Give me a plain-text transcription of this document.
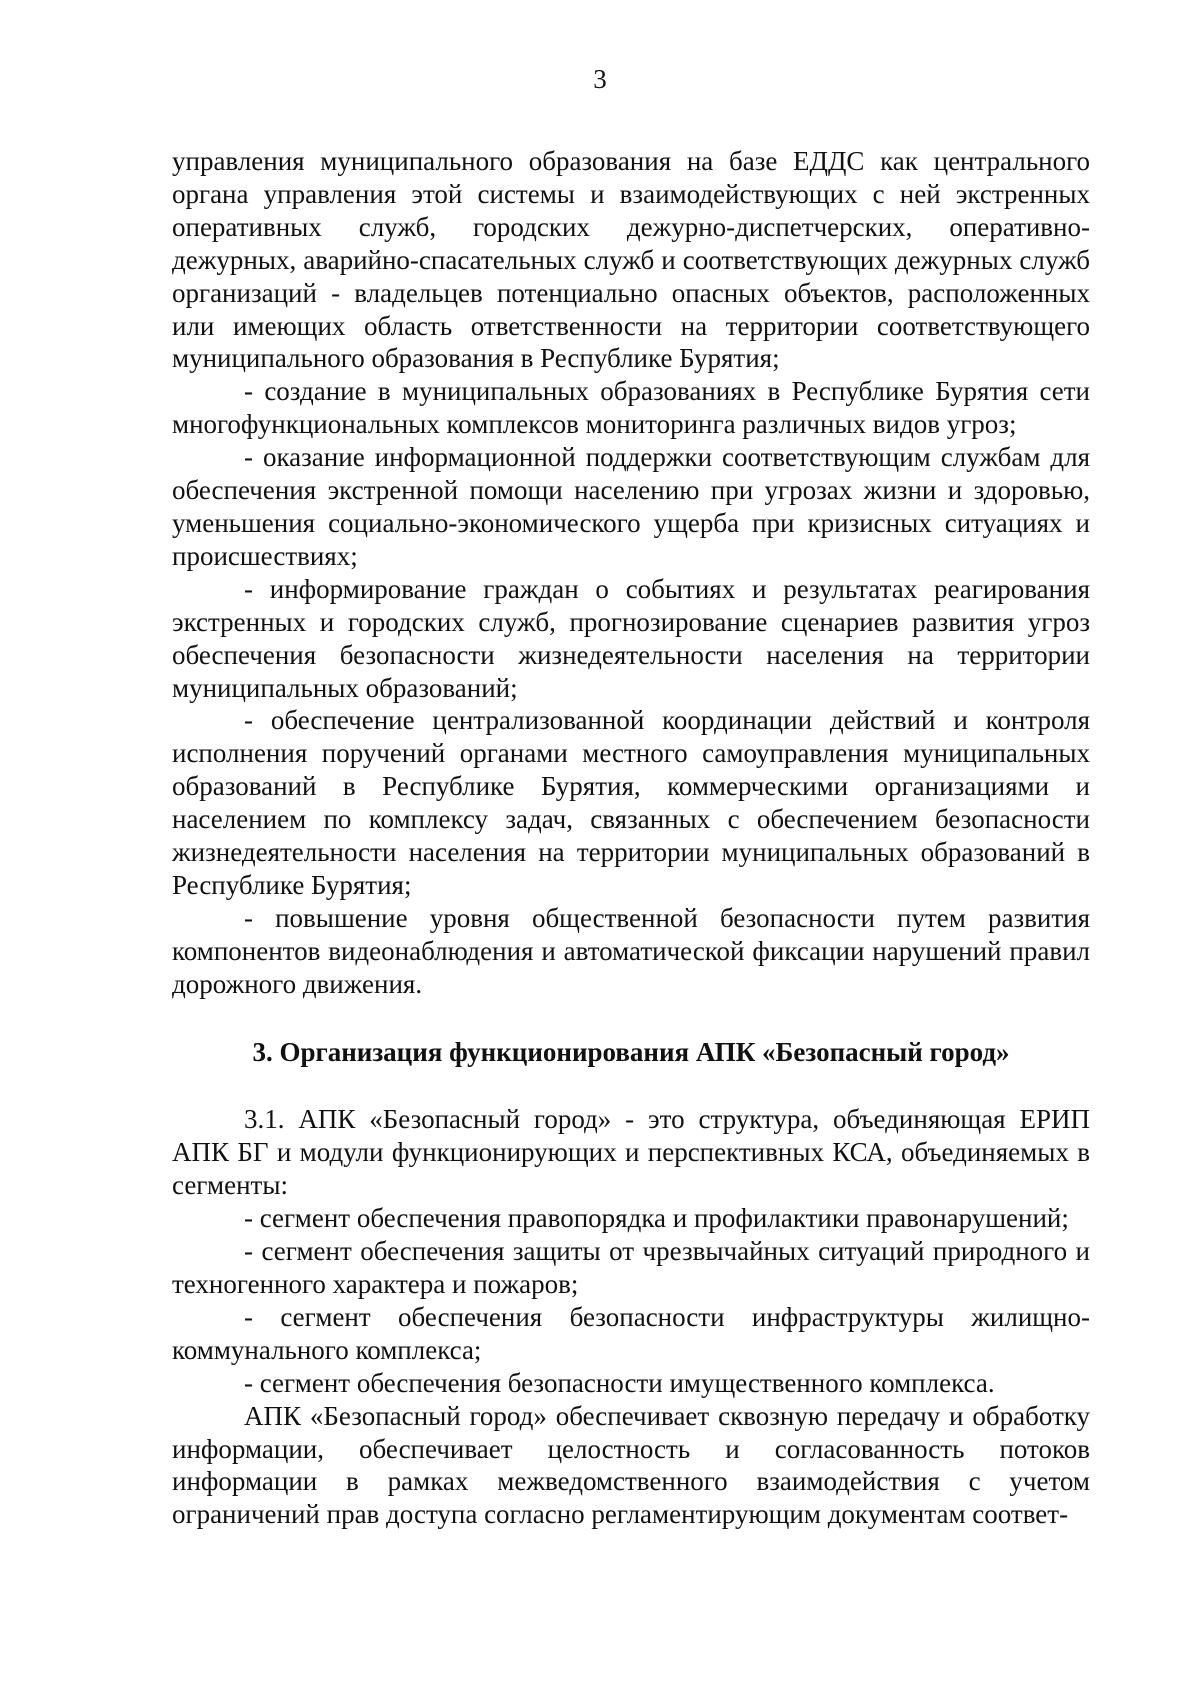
3

управления муниципального образования на базе ЕДДС как центрального органа управления этой системы и взаимодействующих с ней экстренных оперативных служб, городских дежурно-диспетчерских, оперативно-дежурных, аварийно-спасательных служб и соответствующих дежурных служб организаций - владельцев потенциально опасных объектов, расположенных или имеющих область ответственности на территории соответствующего муниципального образования в Республике Бурятия;

- создание в муниципальных образованиях в Республике Бурятия сети многофункциональных комплексов мониторинга различных видов угроз;

- оказание информационной поддержки соответствующим службам для обеспечения экстренной помощи населению при угрозах жизни и здоровью, уменьшения социально-экономического ущерба при кризисных ситуациях и происшествиях;

- информирование граждан о событиях и результатах реагирования экстренных и городских служб, прогнозирование сценариев развития угроз обеспечения безопасности жизнедеятельности населения на территории муниципальных образований;

- обеспечение централизованной координации действий и контроля исполнения поручений органами местного самоуправления муниципальных образований в Республике Бурятия, коммерческими организациями и населением по комплексу задач, связанных с обеспечением безопасности жизнедеятельности населения на территории муниципальных образований в Республике Бурятия;

- повышение уровня общественной безопасности путем развития компонентов видеонаблюдения и автоматической фиксации нарушений правил дорожного движения.

3. Организация функционирования АПК «Безопасный город»

3.1. АПК «Безопасный город» - это структура, объединяющая ЕРИП АПК БГ и модули функционирующих и перспективных КСА, объединяемых в сегменты:

- сегмент обеспечения правопорядка и профилактики правонарушений;

- сегмент обеспечения защиты от чрезвычайных ситуаций природного и техногенного характера и пожаров;

- сегмент обеспечения безопасности инфраструктуры жилищно-коммунального комплекса;

- сегмент обеспечения безопасности имущественного комплекса.

АПК «Безопасный город» обеспечивает сквозную передачу и обработку информации, обеспечивает целостность и согласованность потоков информации в рамках межведомственного взаимодействия с учетом ограничений прав доступа согласно регламентирующим документам соответ-
